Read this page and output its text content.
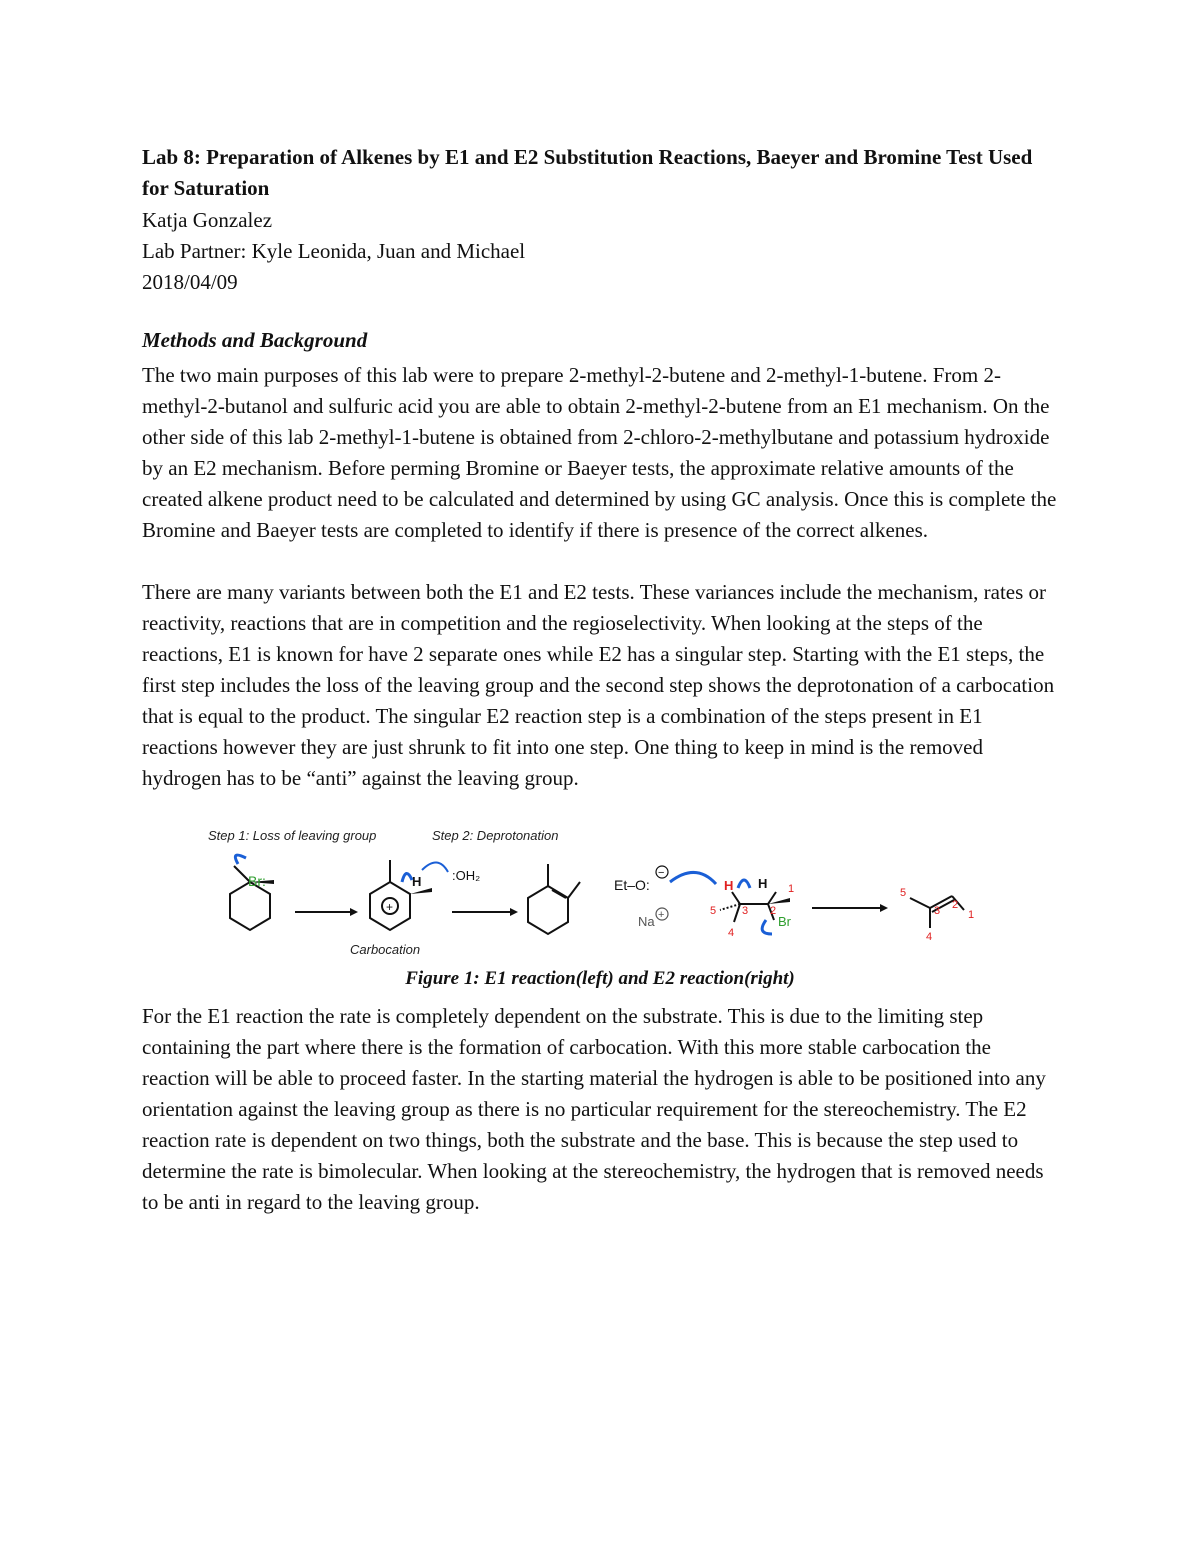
Lab 8: Preparation of Alkenes by E1 and E2 Substitution Reactions, Baeyer and Bromine Test Used for Saturation
Katja Gonzalez
Lab Partner: Kyle Leonida, Juan and Michael
2018/04/09
Methods and Background
The two main purposes of this lab were to prepare 2-methyl-2-butene and 2-methyl-1-butene. From 2-methyl-2-butanol and sulfuric acid you are able to obtain 2-methyl-2-butene from an E1 mechanism. On the other side of this lab 2-methyl-1-butene is obtained from 2-chloro-2-methylbutane and potassium hydroxide by an E2 mechanism. Before perming Bromine or Baeyer tests, the approximate relative amounts of the created alkene product need to be calculated and determined by using GC analysis. Once this is complete the Bromine and Baeyer tests are completed to identify if there is presence of the correct alkenes.
There are many variants between both the E1 and E2 tests. These variances include the mechanism, rates or reactivity, reactions that are in competition and the regioselectivity. When looking at the steps of the reactions, E1 is known for have 2 separate ones while E2 has a singular step. Starting with the E1 steps, the first step includes the loss of the leaving group and the second step shows the deprotonation of a carbocation that is equal to the product. The singular E2 reaction step is a combination of the steps present in E1 reactions however they are just shrunk to fit into one step. One thing to keep in mind is the removed hydrogen has to be “anti” against the leaving group.
Step 1: Loss of leaving group	Step 2: Deprotonation
Br:
+
H :OH₂
Carbocation
Et–O:
−
Na +
H H
Br
1
2
3
4
5
5
3 2
1
4
Figure 1: E1 reaction(left) and E2 reaction(right)
For the E1 reaction the rate is completely dependent on the substrate. This is due to the limiting step containing the part where there is the formation of carbocation. With this more stable carbocation the reaction will be able to proceed faster. In the starting material the hydrogen is able to be positioned into any orientation against the leaving group as there is no particular requirement for the stereochemistry. The E2 reaction rate is dependent on two things, both the substrate and the base. This is because the step used to determine the rate is bimolecular. When looking at the stereochemistry, the hydrogen that is removed needs to be anti in regard to the leaving group.
